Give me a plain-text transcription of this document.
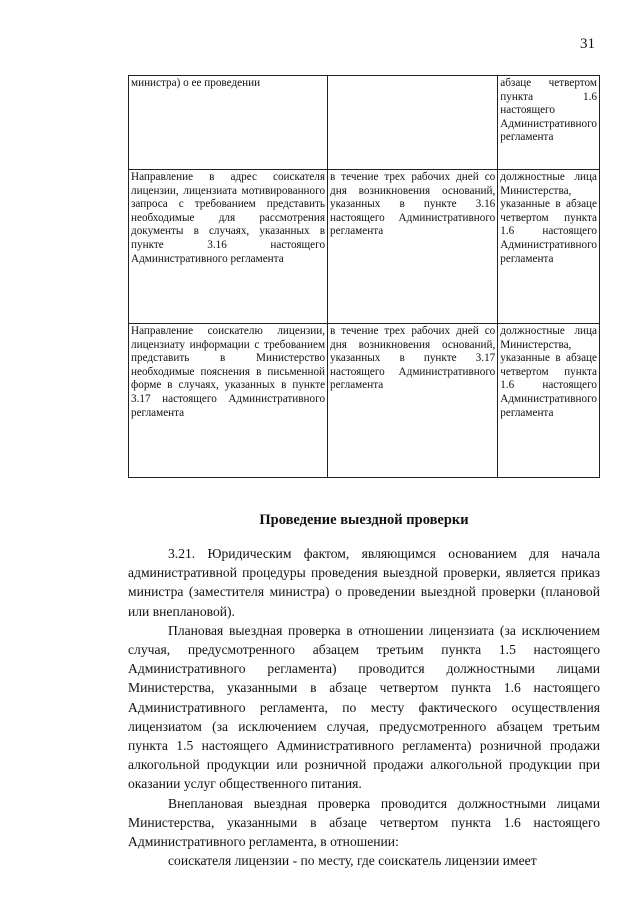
31
министра) о ее проведении		абзаце четвертом пункта 1.6 настоящего Административного регламента
Направление в адрес соискателя лицензии, лицензиата мотивированного запроса с требованием представить необходимые для рассмотрения документы в случаях, указанных в пункте 3.16 настоящего Административного регламента	в течение трех рабочих дней со дня возникновения оснований, указанных в пункте 3.16 настоящего Административного регламента	должностные лица Министерства, указанные в абзаце четвертом пункта 1.6 настоящего Административного регламента
Направление соискателю лицензии, лицензиату информации с требованием представить в Министерство необходимые пояснения в письменной форме в случаях, указанных в пункте 3.17 настоящего Административного регламента	в течение трех рабочих дней со дня возникновения оснований, указанных в пункте 3.17 настоящего Административного регламента	должностные лица Министерства, указанные в абзаце четвертом пункта 1.6 настоящего Административного регламента
Проведение выездной проверки

3.21. Юридическим фактом, являющимся основанием для начала административной процедуры проведения выездной проверки, является приказ министра (заместителя министра) о проведении выездной проверки (плановой или внеплановой).

Плановая выездная проверка в отношении лицензиата (за исключением случая, предусмотренного абзацем третьим пункта 1.5 настоящего Административного регламента) проводится должностными лицами Министерства, указанными в абзаце четвертом пункта 1.6 настоящего Административного регламента, по месту фактического осуществления лицензиатом (за исключением случая, предусмотренного абзацем третьим пункта 1.5 настоящего Административного регламента) розничной продажи алкогольной продукции или розничной продажи алкогольной продукции при оказании услуг общественного питания.

Внеплановая выездная проверка проводится должностными лицами Министерства, указанными в абзаце четвертом пункта 1.6 настоящего Административного регламента, в отношении:

соискателя лицензии - по месту, где соискатель лицензии имеет
